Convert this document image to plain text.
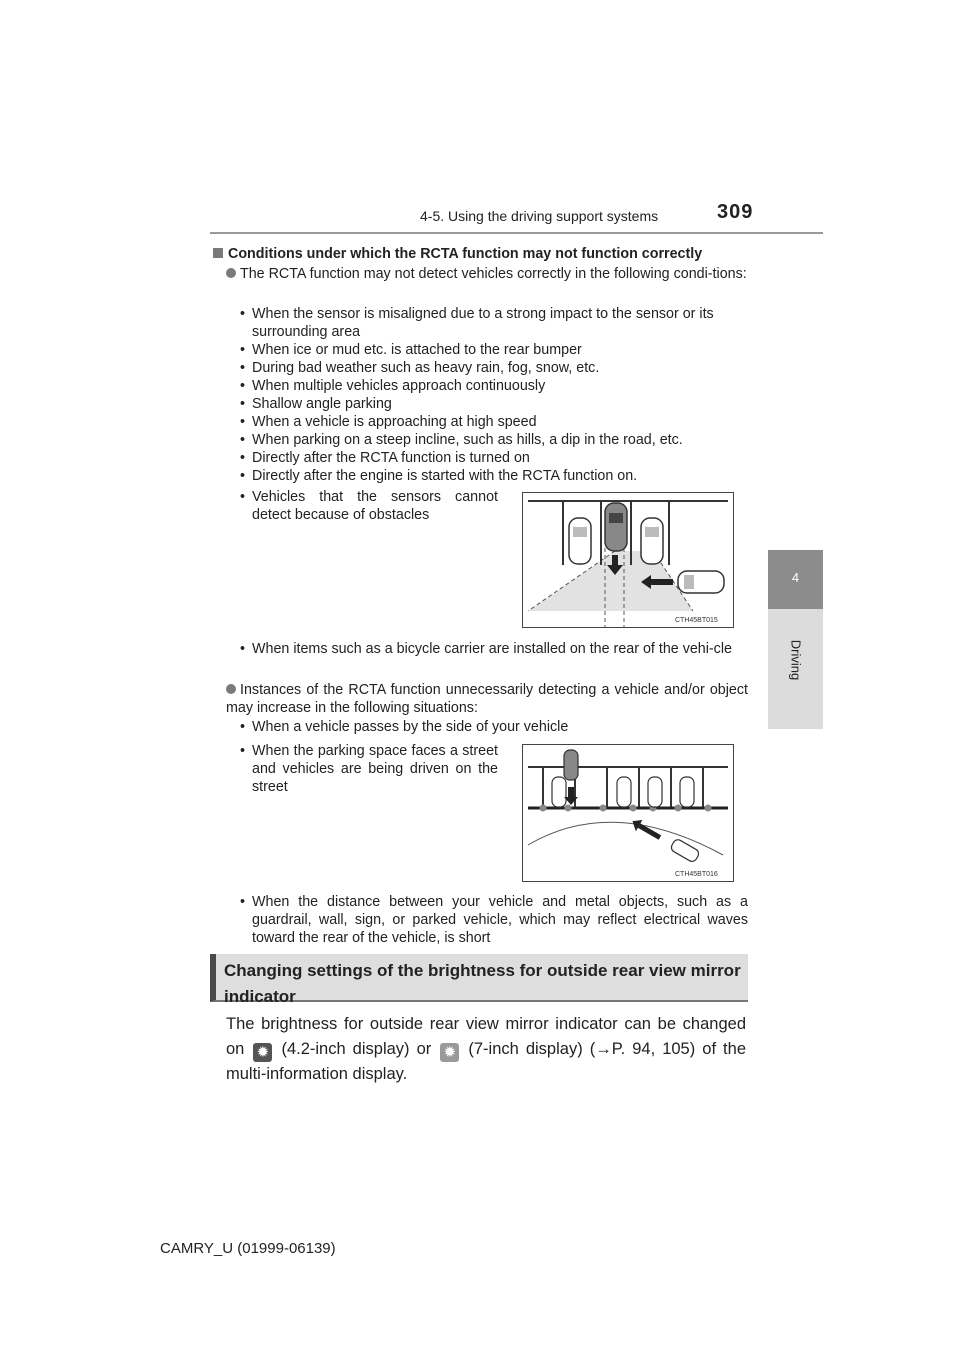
4-5. Using the driving support systems	309
4
Driving
Conditions under which the RCTA function may not function correctly
The RCTA function may not detect vehicles correctly in the following condi-tions:
• When the sensor is misaligned due to a strong impact to the sensor or its surrounding area
• When ice or mud etc. is attached to the rear bumper
• During bad weather such as heavy rain, fog, snow, etc.
• When multiple vehicles approach continuously
• Shallow angle parking
• When a vehicle is approaching at high speed
• When parking on a steep incline, such as hills, a dip in the road, etc.
• Directly after the RCTA function is turned on
• Directly after the engine is started with the RCTA function on.
• Vehicles that the sensors cannot detect because of obstacles
CTH45BT015
• When items such as a bicycle carrier are installed on the rear of the vehi-cle
Instances of the RCTA function unnecessarily detecting a vehicle and/or object may increase in the following situations:
• When a vehicle passes by the side of your vehicle
• When the parking space faces a street and vehicles are being driven on the street
CTH45BT016
• When the distance between your vehicle and metal objects, such as a guardrail, wall, sign, or parked vehicle, which may reflect electrical waves toward the rear of the vehicle, is short
Changing settings of the brightness for outside rear view mirror indicator
The brightness for outside rear view mirror indicator can be changed on ✹ (4.2-inch display) or ✹ (7-inch display) (→P. 94, 105) of the multi-information display.
CAMRY_U (01999-06139)
